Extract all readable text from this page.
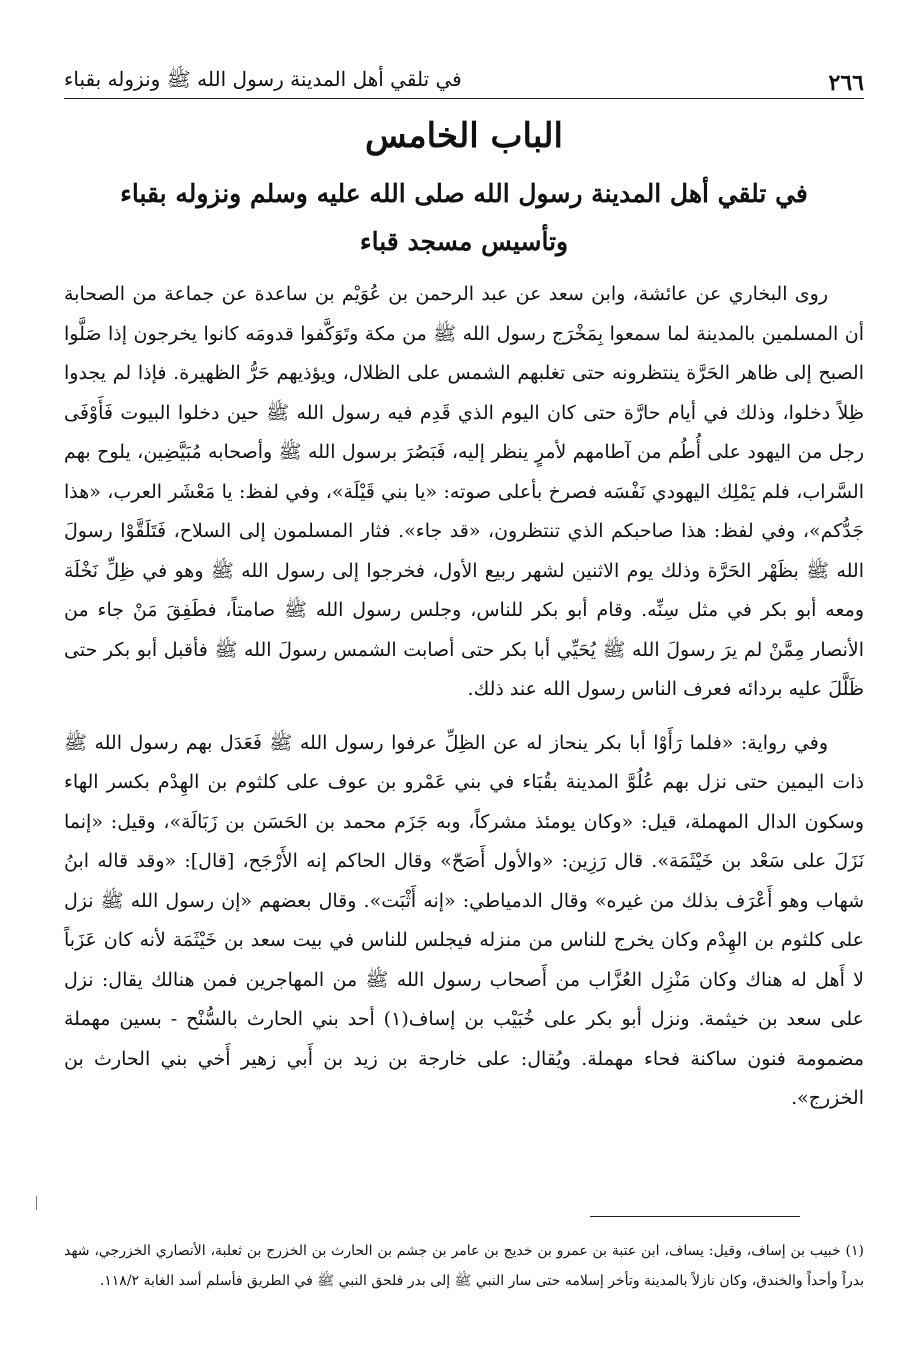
٢٦٦
في تلقي أهل المدينة رسول الله ﷺ ونزوله بقباء
الباب الخامس
في تلقي أهل المدينة رسول الله صلى الله عليه وسلم ونزوله بقباء
وتأسيس مسجد قباء

روى البخاري عن عائشة، وابن سعد عن عبد الرحمن بن عُوَيْم بن ساعدة عن جماعة من الصحابة أن المسلمين بالمدينة لما سمعوا بِمَخْرَج رسول الله ﷺ من مكة وتَوَكَّفوا قدومَه كانوا يخرجون إذا صَلَّوا الصبح إلى ظاهر الحَرَّة ينتظرونه حتى تغلبهم الشمس على الظلال، ويؤذيهم حَرُّ الظهيرة. فإذا لم يجدوا ظِلاً دخلوا، وذلك في أيام حارَّة حتى كان اليوم الذي قَدِم فيه رسول الله ﷺ حين دخلوا البيوت فَأَوْفَى رجل من اليهود على أُطُم من آطامهم لأمرٍ ينظر إليه، فَبَصُرَ برسول الله ﷺ وأصحابه مُبَيَّضِين، يلوح بهم السَّراب، فلم يَمْلِك اليهودي نَفْسَه فصرخ بأعلى صوته: «يا بني قَيْلَة»، وفي لفظ: يا مَعْشَر العرب، «هذا جَدُّكم»، وفي لفظ: هذا صاحبكم الذي تنتظرون، «قد جاء». فثار المسلمون إلى السلاح، فَتَلَقَّوْا رسولَ الله ﷺ بظَهْر الحَرَّة وذلك يوم الاثنين لشهر ربيع الأول، فخرجوا إلى رسول الله ﷺ وهو في ظِلِّ نَخْلَة ومعه أبو بكر في مثل سِنِّه. وقام أبو بكر للناس، وجلس رسول الله ﷺ صامتاً، فطَفِقَ مَنْ جاء من الأنصار مِمَّنْ لم يرَ رسولَ الله ﷺ يُحَيِّي أبا بكر حتى أصابت الشمس رسولَ الله ﷺ فأقبل أبو بكر حتى ظَلَّلَ عليه بردائه فعرف الناس رسول الله عند ذلك.

وفي رواية: «فلما رَأَوْا أبا بكر ينحاز له عن الظِلِّ عرفوا رسول الله ﷺ فَعَدَل بهم رسول الله ﷺ ذات اليمين حتى نزل بهم عُلُوَّ المدينة بقُبَاء في بني عَمْرو بن عوف على كلثوم بن الهِدْم بكسر الهاء وسكون الدال المهملة، قيل: «وكان يومئذ مشركاً، وبه جَزَم محمد بن الحَسَن بن زَبَالَة»، وقيل: «إنما نَزَلَ على سَعْد بن خَيْثَمَة». قال رَزِين: «والأول أَصَحّ» وقال الحاكم إنه الأَرْجَح، [قال]: «وقد قاله ابنُ شهاب وهو أَعْرَف بذلك من غيره» وقال الدمياطي: «إنه أَثْبَت». وقال بعضهم «إن رسول الله ﷺ نزل على كلثوم بن الهِدْم وكان يخرج للناس من منزله فيجلس للناس في بيت سعد بن خَيْثَمَة لأنه كان عَزَباً لا أَهل له هناك وكان مَنْزِل العُزَّاب من أَصحاب رسول الله ﷺ من المهاجرين فمن هنالك يقال: نزل على سعد بن خيثمة. ونزل أبو بكر على خُبَيْب بن إساف(١) أحد بني الحارث بالسُّنْح - بسين مهملة مضمومة فنون ساكنة فحاء مهملة. ويُقال: على خارجة بن زيد بن أَبي زهير أَخي بني الحارث بن الخزرج».

(١) خبيب بن إساف، وقيل: يساف، ابن عتبة بن عمرو بن خديج بن عامر بن جشم بن الحارث بن الخزرج بن ثعلبة، الأنصاري الخزرجي، شهد بدراً وأحداً والخندق، وكان نازلاً بالمدينة وتأخر إسلامه حتى سار النبي ﷺ إلى بدر فلحق النبي ﷺ في الطريق فأسلم أسد الغابة ١١٨/٢.
